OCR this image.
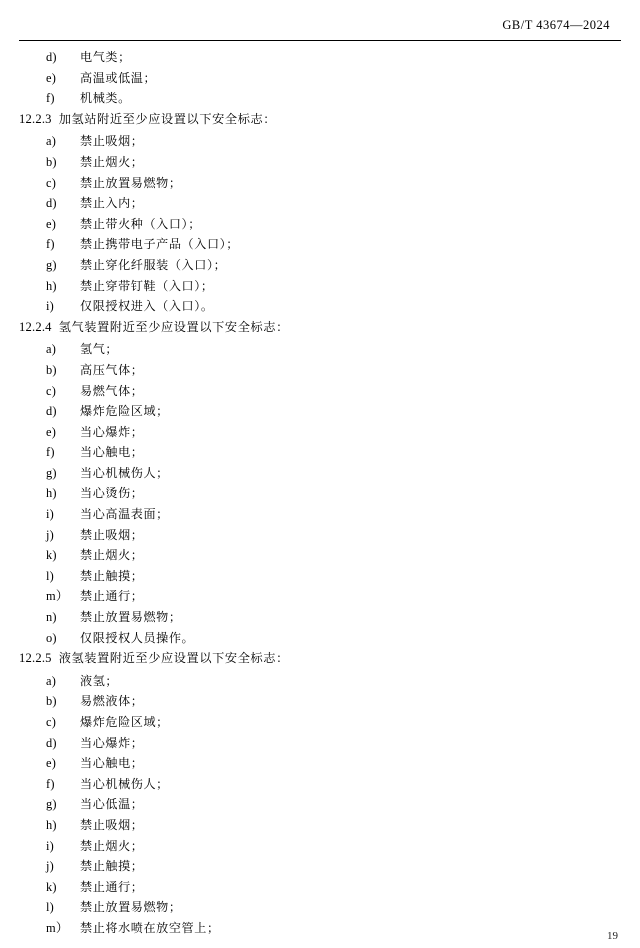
GB/T 43674—2024
d)	电气类；
e)	高温或低温；
f)	机械类。
12.2.3 加氢站附近至少应设置以下安全标志：
a)	禁止吸烟；
b)	禁止烟火；
c)	禁止放置易燃物；
d)	禁止入内；
e)	禁止带火种（入口）；
f)	禁止携带电子产品（入口）；
g)	禁止穿化纤服装（入口）；
h)	禁止穿带钉鞋（入口）；
i)	仅限授权进入（入口）。
12.2.4 氢气装置附近至少应设置以下安全标志：
a)	氢气；
b)	高压气体；
c)	易燃气体；
d)	爆炸危险区域；
e)	当心爆炸；
f)	当心触电；
g)	当心机械伤人；
h)	当心烫伤；
i)	当心高温表面；
j)	禁止吸烟；
k)	禁止烟火；
l)	禁止触摸；
m） 禁止通行；
n)	禁止放置易燃物；
o)	仅限授权人员操作。
12.2.5 液氢装置附近至少应设置以下安全标志：
a)	液氢；
b)	易燃液体；
c)	爆炸危险区域；
d)	当心爆炸；
e)	当心触电；
f)	当心机械伤人；
g)	当心低温；
h)	禁止吸烟；
i)	禁止烟火；
j)	禁止触摸；
k)	禁止通行；
l)	禁止放置易燃物；
m） 禁止将水喷在放空管上；
19
